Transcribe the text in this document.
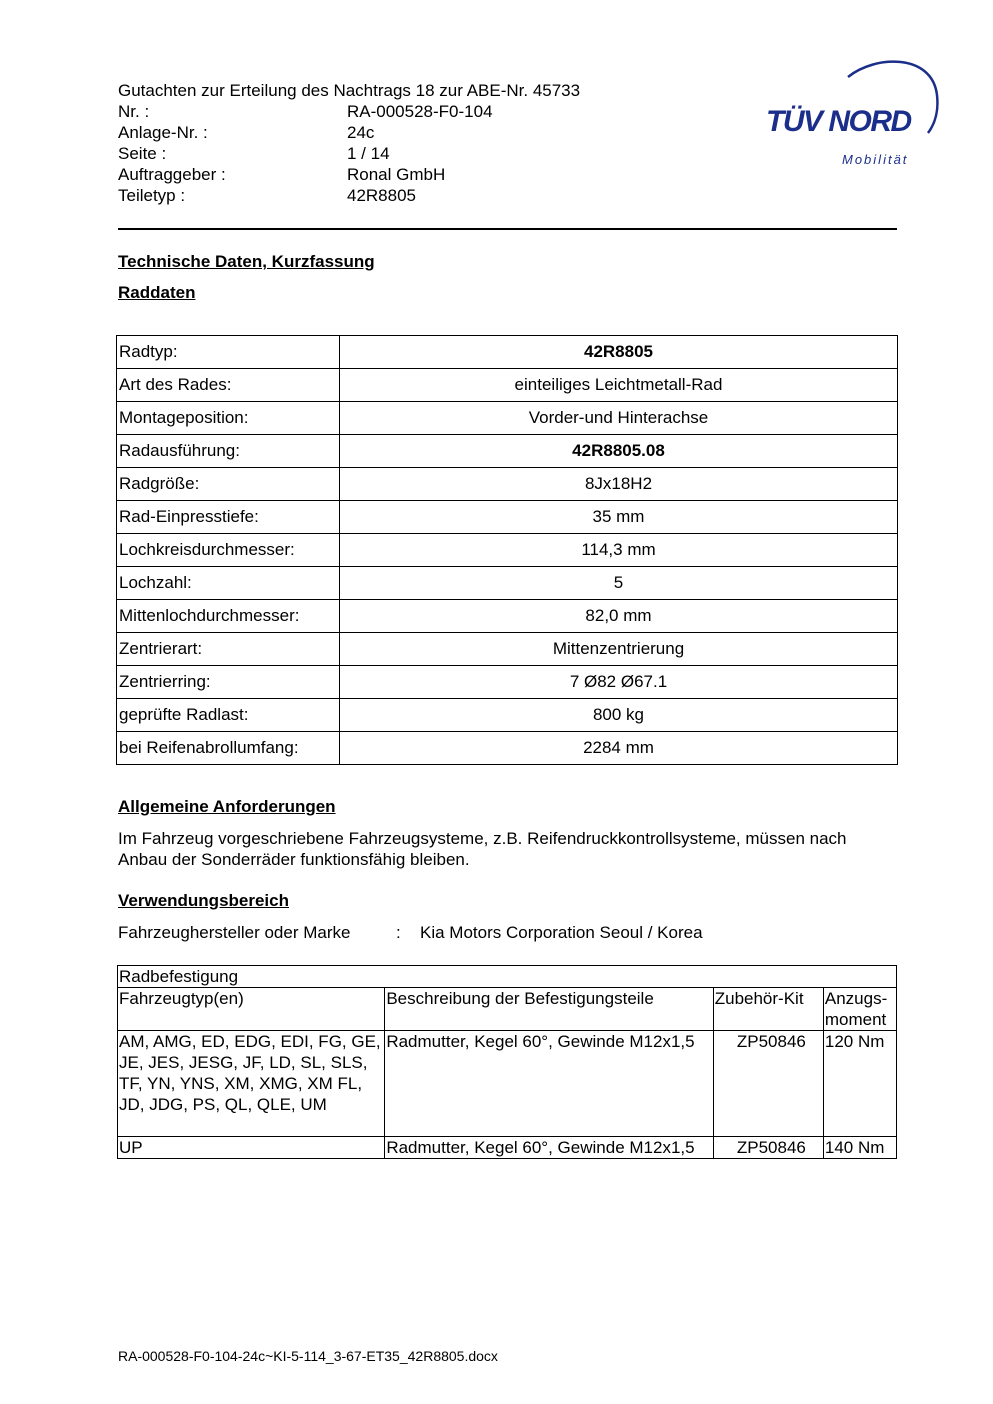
Gutachten zur Erteilung des Nachtrags 18 zur ABE-Nr. 45733
Nr. :	RA-000528-F0-104
Anlage-Nr. :	24c
Seite :	1 / 14
Auftraggeber :	Ronal GmbH
Teiletyp :	42R8805
TÜV NORD
Mobilität
Technische Daten, Kurzfassung
Raddaten
Radtyp:	42R8805
Art des Rades:	einteiliges Leichtmetall-Rad
Montageposition:	Vorder-und Hinterachse
Radausführung:	42R8805.08
Radgröße:	8Jx18H2
Rad-Einpresstiefe:	35 mm
Lochkreisdurchmesser:	114,3 mm
Lochzahl:	5
Mittenlochdurchmesser:	82,0 mm
Zentrierart:	Mittenzentrierung
Zentrierring:	7 Ø82 Ø67.1
geprüfte Radlast:	800 kg
bei Reifenabrollumfang:	2284 mm
Allgemeine Anforderungen
Im Fahrzeug vorgeschriebene Fahrzeugsysteme, z.B. Reifendruckkontrollsysteme, müssen nach Anbau der Sonderräder funktionsfähig bleiben.
Verwendungsbereich
Fahrzeughersteller oder Marke	:	Kia Motors Corporation Seoul / Korea
Radbefestigung			
Fahrzeugtyp(en)	Beschreibung der Befestigungsteile	Zubehör-Kit	Anzugs-
moment
AM, AMG, ED, EDG, EDI, FG, GE, JE, JES, JESG, JF, LD, SL, SLS, TF, YN, YNS, XM, XMG, XM FL, JD, JDG, PS, QL, QLE, UM	Radmutter, Kegel 60°, Gewinde M12x1,5	ZP50846	120 Nm
UP	Radmutter, Kegel 60°, Gewinde M12x1,5	ZP50846	140 Nm
RA-000528-F0-104-24c~KI-5-114_3-67-ET35_42R8805.docx
